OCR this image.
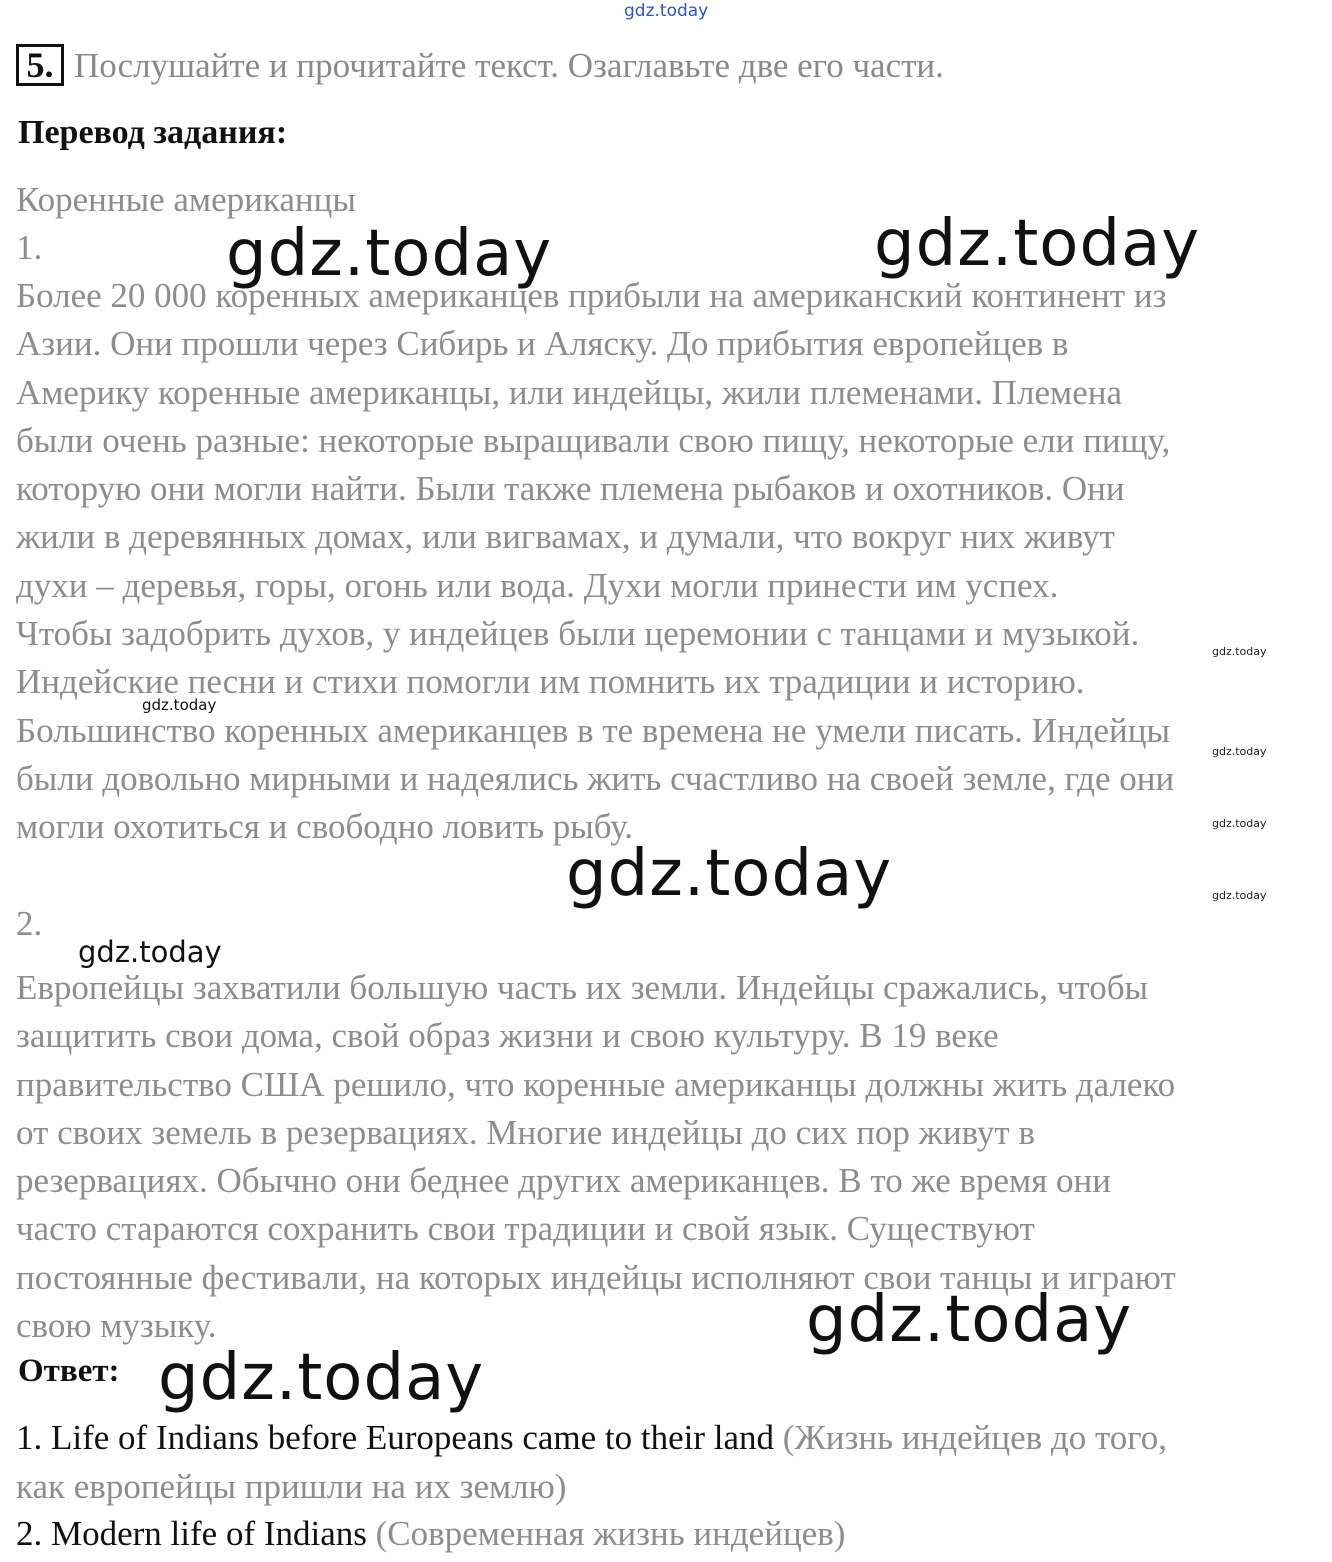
gdz.today
5. Послушайте и прочитайте текст. Озаглавьте две его части.
Перевод задания:
Коренные американцы
1.
Более 20 000 коренных американцев прибыли на американский континент из
Азии. Они прошли через Сибирь и Аляску. До прибытия европейцев в
Америку коренные американцы, или индейцы, жили племенами. Племена
были очень разные: некоторые выращивали свою пищу, некоторые ели пищу,
которую они могли найти. Были также племена рыбаков и охотников. Они
жили в деревянных домах, или вигвамах, и думали, что вокруг них живут
духи – деревья, горы, огонь или вода. Духи могли принести им успех.
Чтобы задобрить духов, у индейцев были церемонии с танцами и музыкой.
Индейские песни и стихи помогли им помнить их традиции и историю.
Большинство коренных американцев в те времена не умели писать. Индейцы
были довольно мирными и надеялись жить счастливо на своей земле, где они
могли охотиться и свободно ловить рыбу.
2.
Европейцы захватили большую часть их земли. Индейцы сражались, чтобы
защитить свои дома, свой образ жизни и свою культуру. В 19 веке
правительство США решило, что коренные американцы должны жить далеко
от своих земель в резервациях. Многие индейцы до сих пор живут в
резервациях. Обычно они беднее других американцев. В то же время они
часто стараются сохранить свои традиции и свой язык. Существуют
постоянные фестивали, на которых индейцы исполняют свои танцы и играют
свою музыку.
Ответ:
1. Life of Indians before Europeans came to their land (Жизнь индейцев до того,
как европейцы пришли на их землю)
2. Modern life of Indians (Современная жизнь индейцев)
gdz.today	gdz.today
gdz.today
gdz.today
gdz.today
gdz.today
gdz.today
gdz.today
gdz.today
gdz.today
gdz.today
